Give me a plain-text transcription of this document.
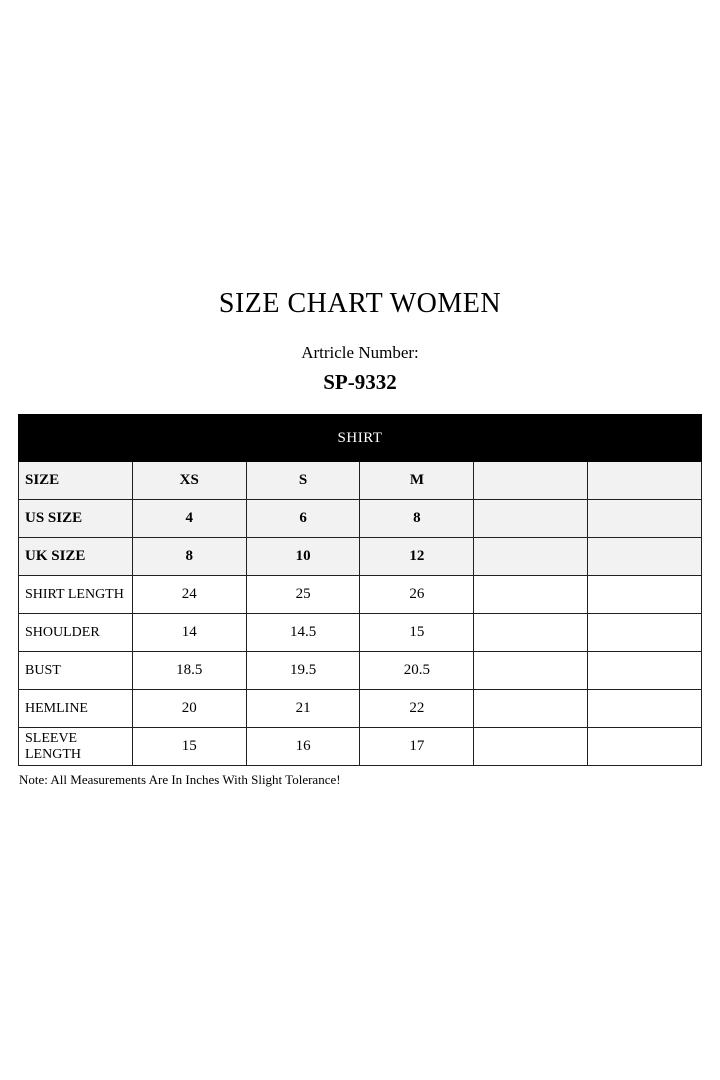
SIZE CHART WOMEN
Artricle Number:
SP-9332
SHIRT					
SIZE	XS	S	M		
US SIZE	4	6	8		
UK SIZE	8	10	12		
SHIRT LENGTH	24	25	26		
SHOULDER	14	14.5	15		
BUST	18.5	19.5	20.5		
HEMLINE	20	21	22		
SLEEVE LENGTH	15	16	17		
Note: All Measurements Are In Inches With Slight Tolerance!
